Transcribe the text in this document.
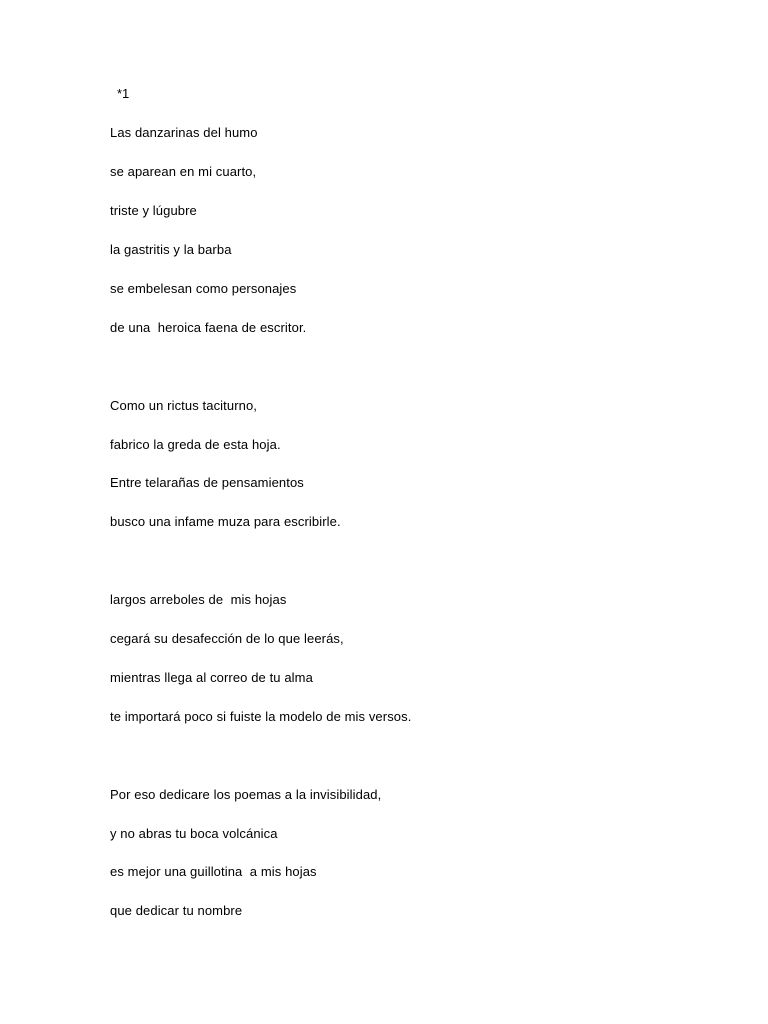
*1
Las danzarinas del humo
se aparean en mi cuarto,
triste y lúgubre
la gastritis y la barba
se embelesan como personajes
de una  heroica faena de escritor.
Como un rictus taciturno,
fabrico la greda de esta hoja.
Entre telarañas de pensamientos
busco una infame muza para escribirle.
largos arreboles de  mis hojas
cegará su desafección de lo que leerás,
mientras llega al correo de tu alma
te importará poco si fuiste la modelo de mis versos.
Por eso dedicare los poemas a la invisibilidad,
y no abras tu boca volcánica
es mejor una guillotina  a mis hojas
que dedicar tu nombre
